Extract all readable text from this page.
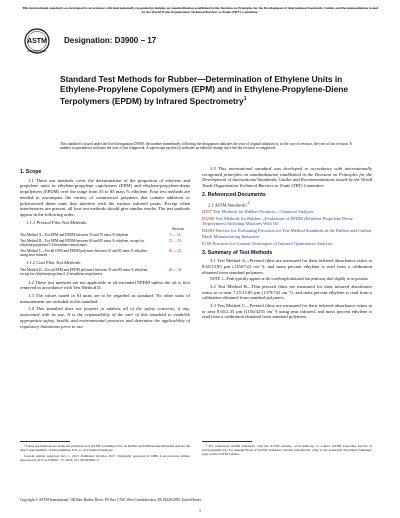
This international standard was developed in accordance with internationally recognized principles on standardization established in the Decision on Principles for the Development of International Standards, Guides and Recommendations issued by the World Trade Organization Technical Barriers to Trade (TBT) Committee.
ASTM
INTERNATIONAL
Designation: D3900 − 17
Standard Test Methods for Rubber—Determination of Ethylene Units in Ethylene-Propylene Copolymers (EPM) and in Ethylene-Propylene-Diene Terpolymers (EPDM) by Infrared Spectrometry$^1$
This standard is issued under the fixed designation D3900; the number immediately following the designation indicates the year of original adoption or, in the case of revision, the year of last revision. A number in parentheses indicates the year of last reapproval. A superscript epsilon (ε) indicates an editorial change since the last revision or reapproval.
1. Scope

1.1 These test methods cover the determination of the proportion of ethylene and propylene units in ethylene-propylene copolymers (EPM) and ethylene-propylene-diene terpolymers (EPDM) over the range from 35 to 85 mass % ethylene. Four test methods are needed to encompass the variety of commercial polymers that contain additives or polymerized diene units that interfere with the various infrared peaks. Except when interferences are present, all four test methods should give similar results. The test methods appear in the following order:

1.1.1 Pressed Film Test Methods:
Sections
Test Method A—For EPM and EPDM between 35 and 70 mass % ethylene	9 — 14
Test Method B—For EPM and EPDM between 60 and 85 mass % ethylene, except for ethylene/propylene/1,4-hexadiene terpolymers
15 — 19
Test Method C—For all EPM and EPDM polymers between 35 and 85 mass % ethylene, using near infrared
20 — 25
1.1.2 Cast Film Test Methods:
Test Method D—For all EPM and EPDM polymers between 35 and 85 mass % ethylene, except for ethylene/propylene/1,4-hexadiene terpolymers
26 — 32

1.2 These test methods are not applicable to oil-extended EPDM unless the oil is first removed in accordance with Test Method D.

1.3 The values stated in SI units are to be regarded as standard. No other units of measurement are included in this standard.

1.4 This standard does not purport to address all of the safety concerns, if any, associated with its use. It is the responsibility of the user of this standard to establish appropriate safety, health, and environmental practices and determine the applicability of regulatory limitations prior to use.

1.5 This international standard was developed in accordance with internationally recognized principles on standardization established in the Decision on Principles for the Development of International Standards, Guides and Recommendations issued by the World Trade Organization Technical Barriers to Trade (TBT) Committee.

2. Referenced Documents
2.1 ASTM Standards:$^2$
D297 Test Methods for Rubber Products—Chemical Analysis
D3568 Test Methods for Rubber—Evaluation of EPDM (Ethylene Propylene Diene Terpolymers) Including Mixtures With Oil
D4483 Practice for Evaluating Precision for Test Method Standards in the Rubber and Carbon Black Manufacturing Industries
E168 Practices for General Techniques of Infrared Quantitative Analysis
3. Summary of Test Methods

3.1 Test Method A—Pressed films are measured for their infrared absorbance ratios at 8.65/13.85 µm (1156/722 cm⁻¹), and mass percent ethylene is read from a calibration obtained from standard polymers.

NOTE 1—Peak typically appears at the wavelength indicated, but peak may shift slightly in its position.

3.2 Test Method B—Thin pressed films are measured for their infrared absorbance ratios at or near 7.25/13.85 µm (1379/722 cm⁻¹), and mass percent ethylene is read from a calibration obtained from standard polymers.

3.3 Test Method C—Pressed films are measured for their infrared absorbance ratios at or near 8.65/2.35 µm (1156/4255 cm⁻¹) using near infrared, and mass percent ethylene is read from a calibration obtained from standard polymers.

¹ These test methods are under the jurisdiction of ASTM Committee D11 on Rubber and Rubber-like Materials and are the direct responsibility of Subcommittee D11.11 on Chemical Analysis.

Current edition approved Oct. 1, 2017. Published October 2017. Originally approved in 1980. Last previous edition approved in 2015 as D3900 – 15. DOI: 10.1520/D3900-17

² For referenced ASTM standards, visit the ASTM website, www.astm.org, or contact ASTM Customer Service at service@astm.org. For Annual Book of ASTM Standards volume information, refer to the standard's Document Summary page on the ASTM website.

Copyright © ASTM International, 100 Barr Harbor Drive, PO Box C700, West Conshohocken, PA 19428-2959. United States
1
